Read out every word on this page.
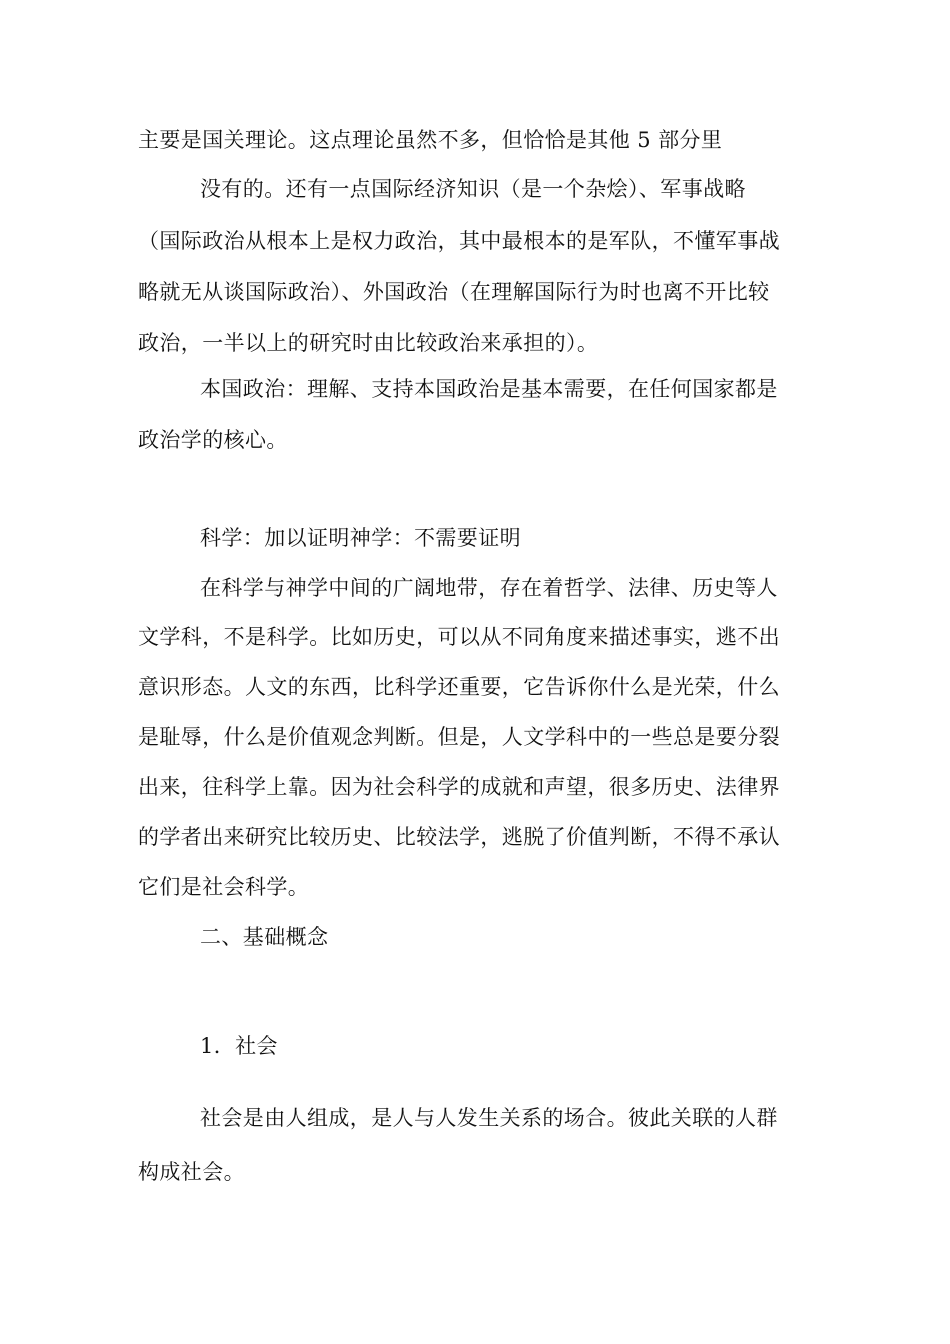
主要是国关理论。这点理论虽然不多，但恰恰是其他 5 部分里
没有的。还有一点国际经济知识（是一个杂烩）、军事战略
（国际政治从根本上是权力政治，其中最根本的是军队，不懂军事战
略就无从谈国际政治）、外国政治（在理解国际行为时也离不开比较
政治，一半以上的研究时由比较政治来承担的）。
本国政治：理解、支持本国政治是基本需要，在任何国家都是
政治学的核心。
科学：加以证明神学：不需要证明
在科学与神学中间的广阔地带，存在着哲学、法律、历史等人
文学科，不是科学。比如历史，可以从不同角度来描述事实，逃不出
意识形态。人文的东西，比科学还重要，它告诉你什么是光荣，什么
是耻辱，什么是价值观念判断。但是，人文学科中的一些总是要分裂
出来，往科学上靠。因为社会科学的成就和声望，很多历史、法律界
的学者出来研究比较历史、比较法学，逃脱了价值判断，不得不承认
它们是社会科学。
二、基础概念
1．社会
社会是由人组成，是人与人发生关系的场合。彼此关联的人群
构成社会。
